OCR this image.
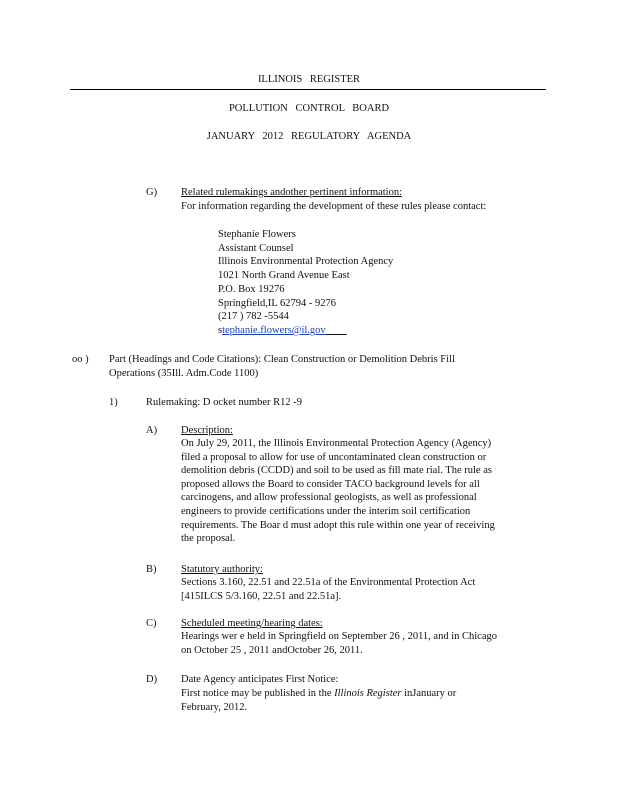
ILLINOIS REGISTER
POLLUTION CONTROL BOARD
JANUARY 2012 REGULATORY AGENDA
G) Related rulemakings andother pertinent information:
For information regarding the development of these rules please contact:
Stephanie Flowers
Assistant Counsel
Illinois Environmental Protection Agency
1021 North Grand Avenue East
P.O. Box 19276
Springfield,IL 62794 - 9276
(217 ) 782 -5544
stephanie.flowers@il.gov
oo ) Part (Headings and Code Citations): Clean Construction or Demolition Debris Fill
Operations (35Ill. Adm.Code 1100)
1)	Rulemaking: D ocket number R12 -9
A) Description:
On July 29, 2011, the Illinois Environmental Protection Agency (Agency)
filed a proposal to allow for use of uncontaminated clean construction or
demolition debris (CCDD) and soil to be used as fill mate rial. The rule as
proposed allows the Board to consider TACO background levels for all
carcinogens, and allow professional geologists, as well as professional
engineers to provide certifications under the interim soil certification
requirements. The Boar d must adopt this rule within one year of receiving
the proposal.
B) Statutory authority:
Sections 3.160, 22.51 and 22.51a of the Environmental Protection Act
[415ILCS 5/3.160, 22.51 and 22.51a].
C) Scheduled meeting/hearing dates:
Hearings wer e held in Springfield on September 26 , 2011, and in Chicago
on October 25 , 2011 andOctober 26, 2011.
D) Date Agency anticipates First Notice:
First notice may be published in the Illinois Register inJanuary or
February, 2012.
